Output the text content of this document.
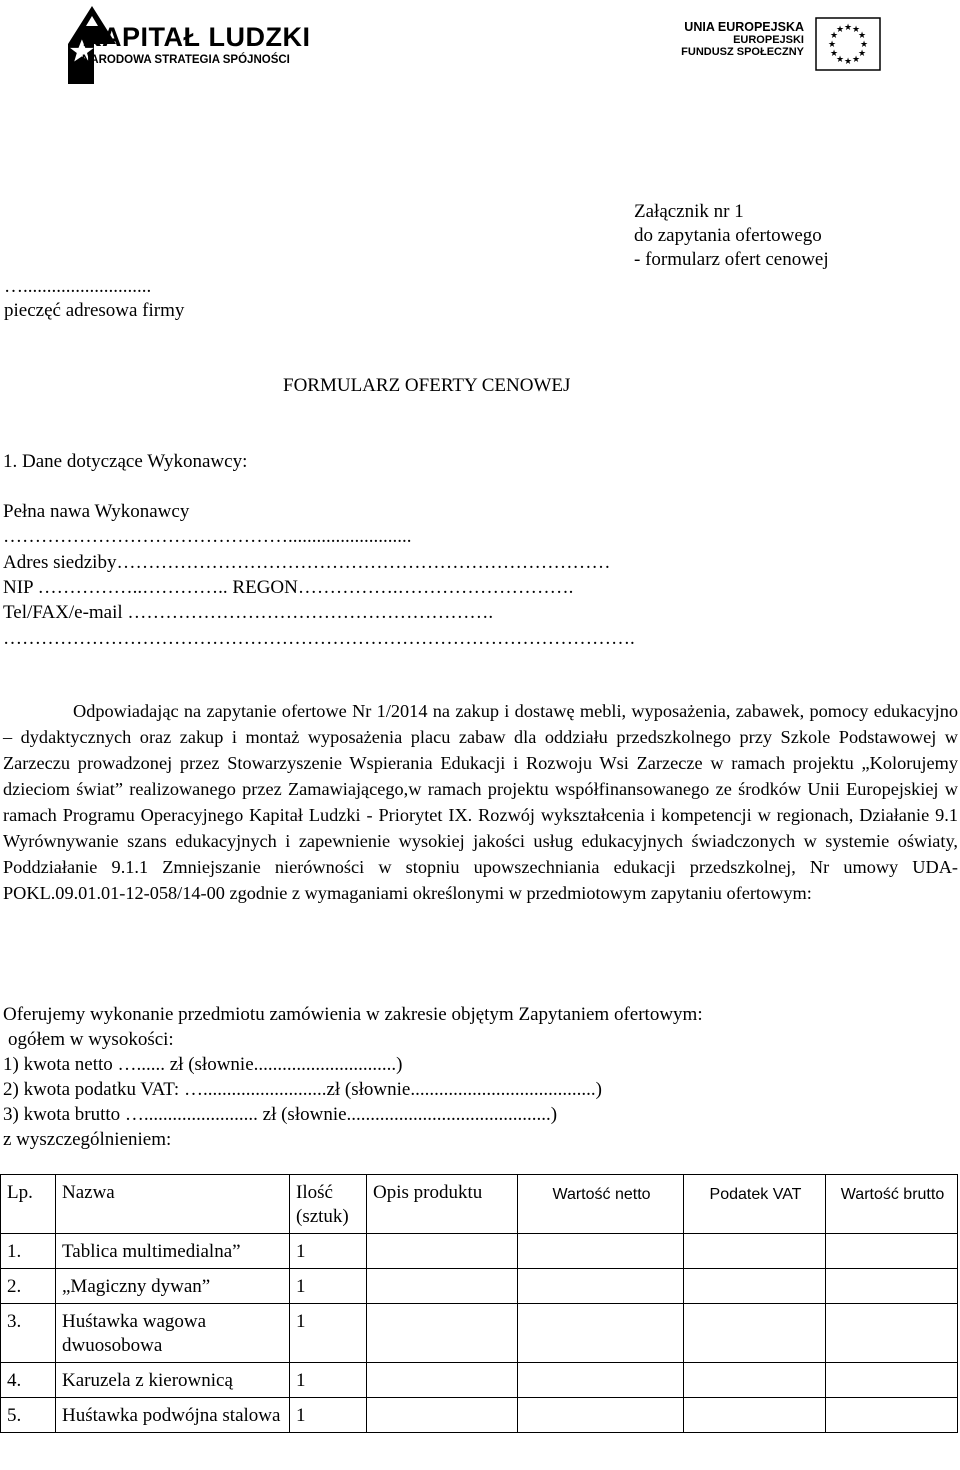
KAPITAŁ LUDZKI
NARODOWA STRATEGIA SPÓJNOŚCI
UNIA EUROPEJSKA
EUROPEJSKI
FUNDUSZ SPOŁECZNY
★ ★
★
★
★
★
★
★
★
★
★
★
Załącznik nr 1
do zapytania ofertowego
- formularz ofert cenowej
…...........................
pieczęć adresowa firmy
FORMULARZ OFERTY CENOWEJ
1. Dane dotyczące Wykonawcy:
Pełna nawa Wykonawcy
………………………………………..........................
Adres siedziby……………………………………………………………………
NIP ……………..………….. REGON…………….……………………….
Tel/FAX/e-mail ………………………………………………….
……………………………………………………………………………………….

Odpowiadając na zapytanie ofertowe Nr 1/2014 na zakup i dostawę mebli, wyposażenia, zabawek, pomocy edukacyjno – dydaktycznych oraz zakup i montaż wyposażenia placu zabaw dla oddziału przedszkolnego przy Szkole Podstawowej w Zarzeczu prowadzonej przez Stowarzyszenie Wspierania Edukacji i Rozwoju Wsi Zarzecze w ramach projektu „Kolorujemy dzieciom świat” realizowanego przez Zamawiającego,w ramach projektu współfinansowanego ze środków Unii Europejskiej w ramach Programu Operacyjnego Kapitał Ludzki - Priorytet IX. Rozwój wykształcenia i kompetencji w regionach, Działanie 9.1 Wyrównywanie szans edukacyjnych i zapewnienie wysokiej jakości usług edukacyjnych świadczonych w systemie oświaty, Poddziałanie 9.1.1 Zmniejszanie nierówności w stopniu upowszechniania edukacji przedszkolnej, Nr umowy UDA-POKL.09.01.01-12-058/14-00 zgodnie z wymaganiami określonymi w przedmiotowym zapytaniu ofertowym:

Oferujemy wykonanie przedmiotu zamówienia w zakresie objętym Zapytaniem ofertowym:
ogółem w wysokości:
1) kwota netto …...... zł (słownie..............................)
2) kwota podatku VAT: …..........................zł (słownie.......................................)
3) kwota brutto …........................ zł (słownie...........................................)
z wyszczególnieniem:
Lp.	Nazwa	Ilość (sztuk)	Opis produktu	Wartość netto	Podatek VAT	Wartość brutto
1.	Tablica multimedialna”	1				
2.	„Magiczny dywan”	1				
3.	Huśtawka wagowa dwuosobowa	1				
4.	Karuzela z kierownicą	1				
5.	Huśtawka podwójna stalowa	1				
